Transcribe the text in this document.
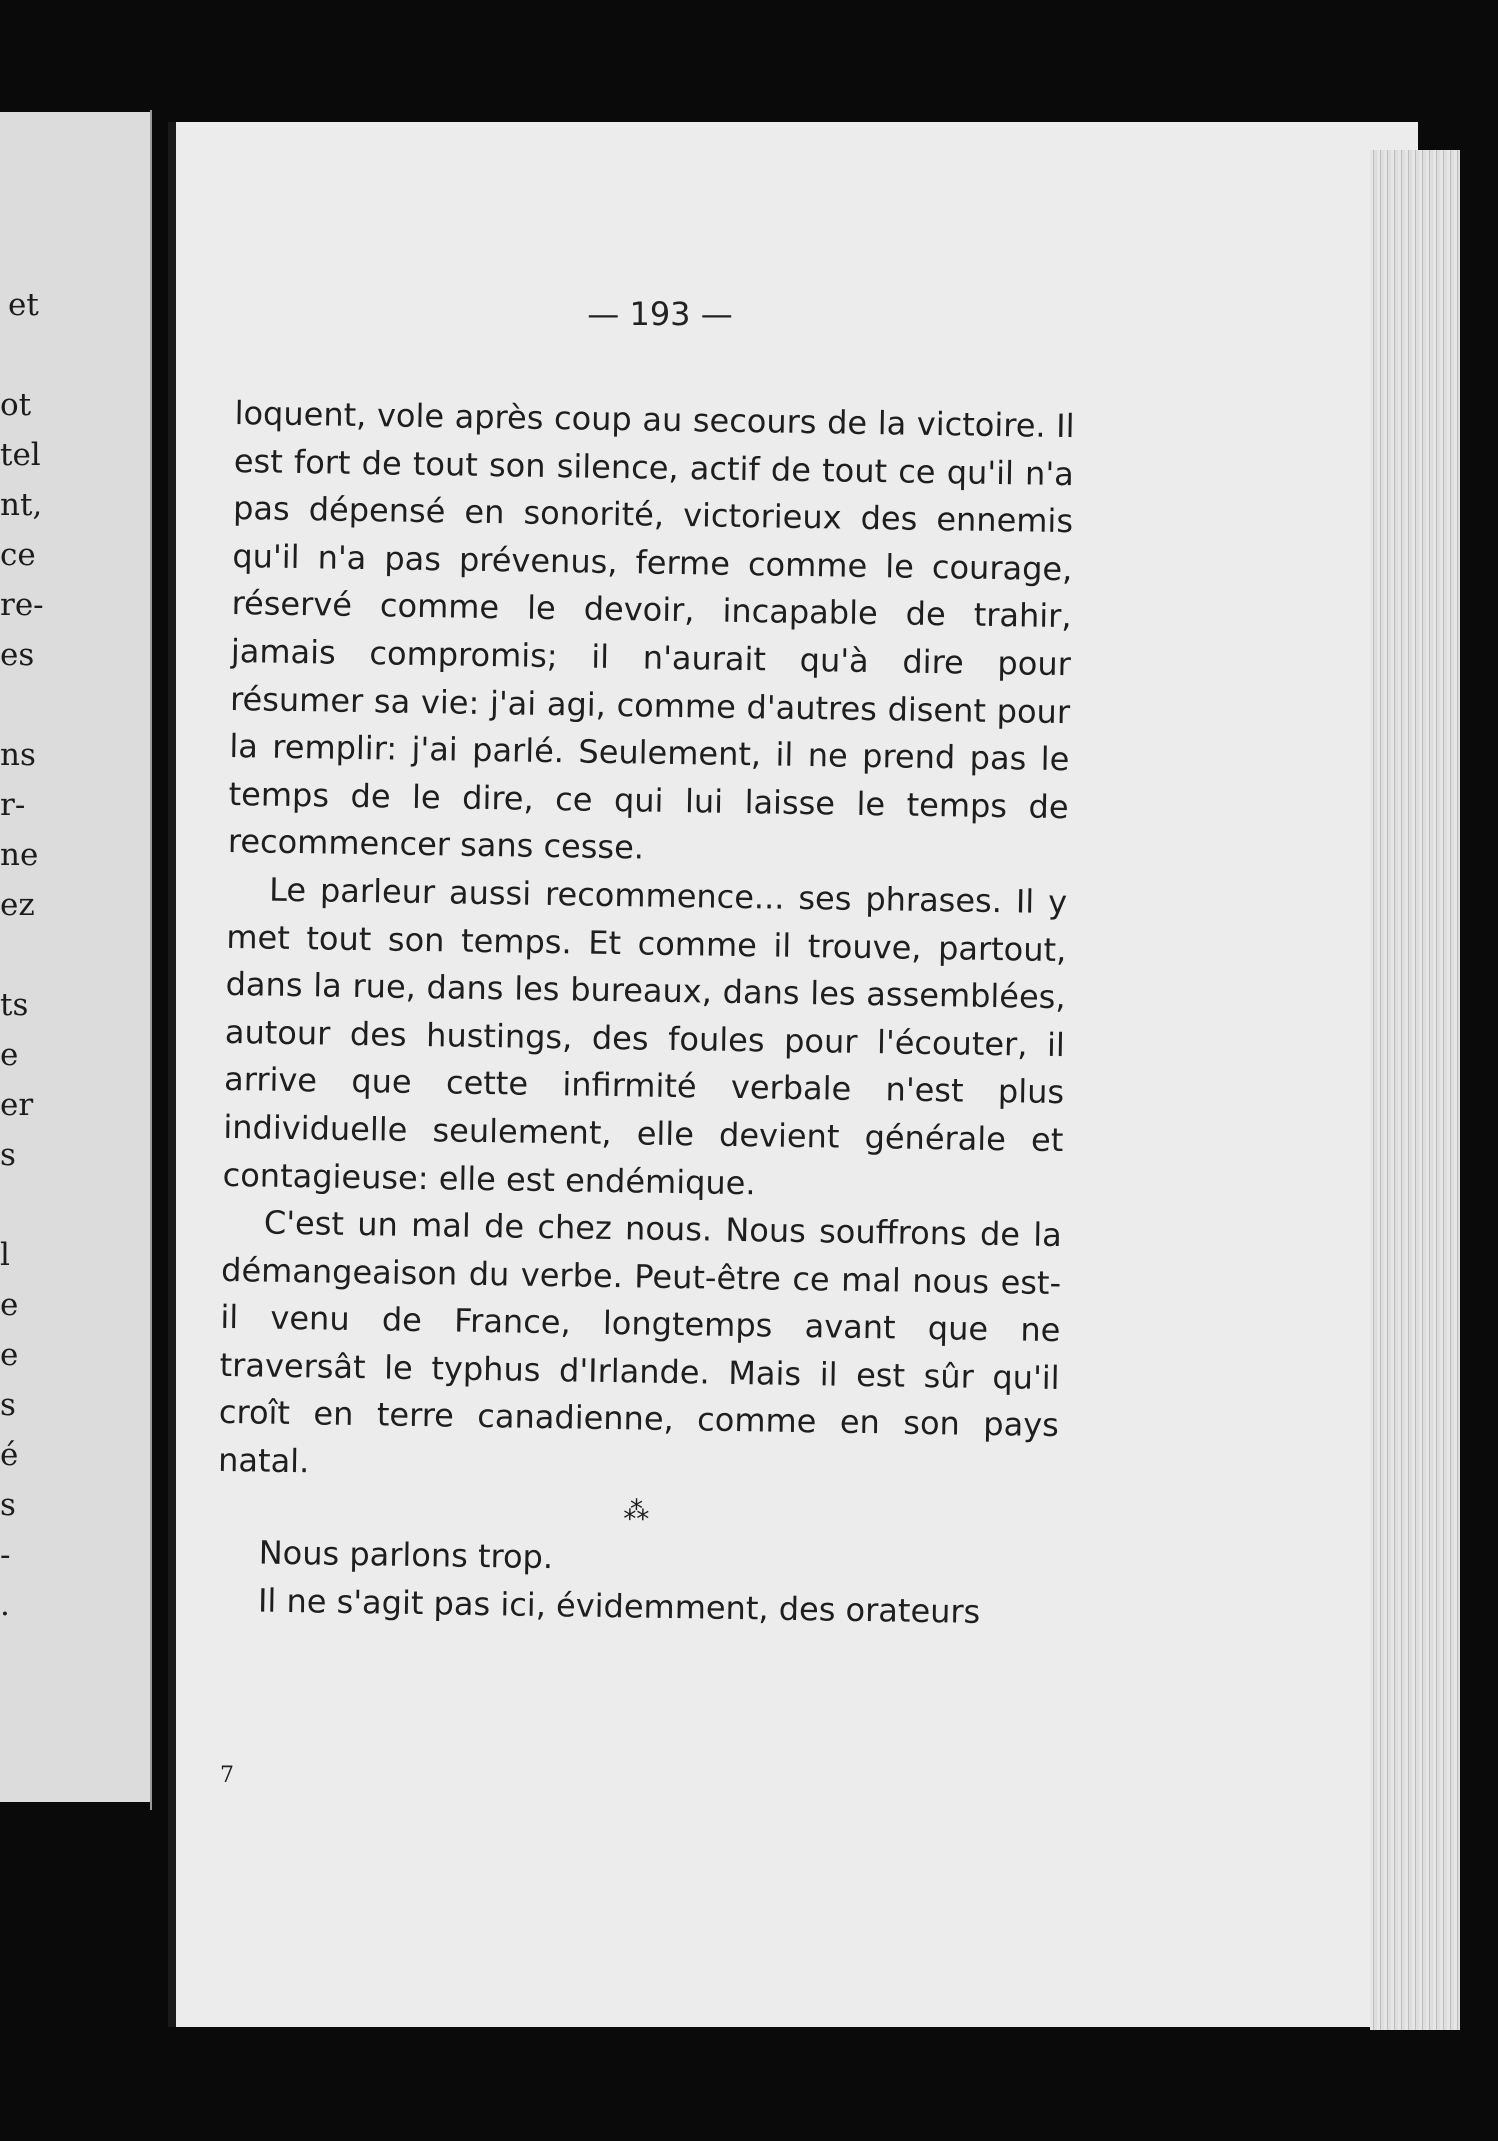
et
ot
tel
nt,
ce
re-
es
ns
r-
ne
ez
ts
e
er
s
l
e
e
s
é
s
-
.
— 193 —

loquent, vole après coup au secours de la victoire. Il est fort de tout son silence, actif de tout ce qu'il n'a pas dépensé en sonorité, victorieux des ennemis qu'il n'a pas prévenus, ferme comme le courage, réservé comme le devoir, incapable de trahir, jamais compromis; il n'aurait qu'à dire pour résumer sa vie: j'ai agi, comme d'autres disent pour la remplir: j'ai parlé. Seulement, il ne prend pas le temps de le dire, ce qui lui laisse le temps de recommencer sans cesse.

Le parleur aussi recommence... ses phrases. Il y met tout son temps. Et comme il trouve, partout, dans la rue, dans les bureaux, dans les assemblées, autour des hustings, des foules pour l'écouter, il arrive que cette infirmité verbale n'est plus individuelle seulement, elle devient générale et contagieuse: elle est endémique.

C'est un mal de chez nous. Nous souffrons de la démangeaison du verbe. Peut-être ce mal nous est-il venu de France, longtemps avant que ne traversât le typhus d'Irlande. Mais il est sûr qu'il croît en terre canadienne, comme en son pays natal.

⁂

Nous parlons trop.

Il ne s'agit pas ici, évidemment, des orateurs

7
